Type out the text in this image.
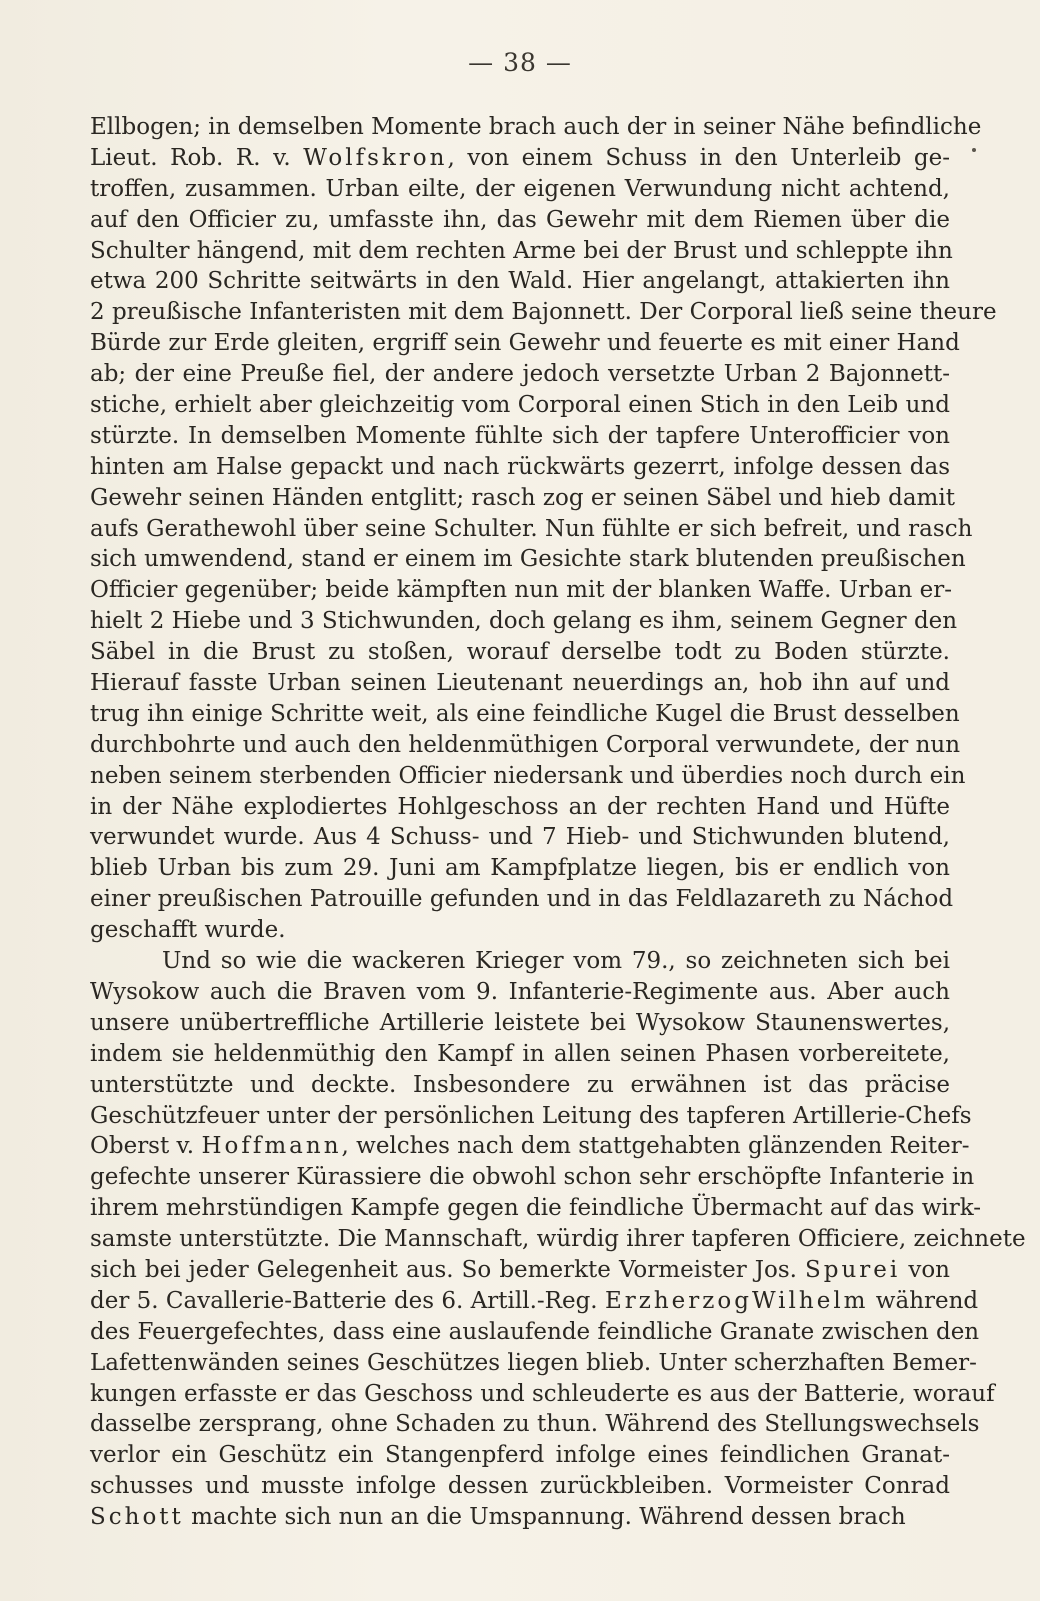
— 38 —
Ellbogen; in demselben Momente brach auch der in seiner Nähe befindliche
Lieut. Rob. R. v. Wolfskron, von einem Schuss in den Unterleib ge-
troffen, zusammen. Urban eilte, der eigenen Verwundung nicht achtend,
auf den Officier zu, umfasste ihn, das Gewehr mit dem Riemen über die
Schulter hängend, mit dem rechten Arme bei der Brust und schleppte ihn
etwa 200 Schritte seitwärts in den Wald. Hier angelangt, attakierten ihn
2 preußische Infanteristen mit dem Bajonnett. Der Corporal ließ seine theure
Bürde zur Erde gleiten, ergriff sein Gewehr und feuerte es mit einer Hand
ab; der eine Preuße fiel, der andere jedoch versetzte Urban 2 Bajonnett-
stiche, erhielt aber gleichzeitig vom Corporal einen Stich in den Leib und
stürzte. In demselben Momente fühlte sich der tapfere Unterofficier von
hinten am Halse gepackt und nach rückwärts gezerrt, infolge dessen das
Gewehr seinen Händen entglitt; rasch zog er seinen Säbel und hieb damit
aufs Gerathewohl über seine Schulter. Nun fühlte er sich befreit, und rasch
sich umwendend, stand er einem im Gesichte stark blutenden preußischen
Officier gegenüber; beide kämpften nun mit der blanken Waffe. Urban er-
hielt 2 Hiebe und 3 Stichwunden, doch gelang es ihm, seinem Gegner den
Säbel in die Brust zu stoßen, worauf derselbe todt zu Boden stürzte.
Hierauf fasste Urban seinen Lieutenant neuerdings an, hob ihn auf und
trug ihn einige Schritte weit, als eine feindliche Kugel die Brust desselben
durchbohrte und auch den heldenmüthigen Corporal verwundete, der nun
neben seinem sterbenden Officier niedersank und überdies noch durch ein
in der Nähe explodiertes Hohlgeschoss an der rechten Hand und Hüfte
verwundet wurde. Aus 4 Schuss- und 7 Hieb- und Stichwunden blutend,
blieb Urban bis zum 29. Juni am Kampfplatze liegen, bis er endlich von
einer preußischen Patrouille gefunden und in das Feldlazareth zu Náchod
geschafft wurde.
Und so wie die wackeren Krieger vom 79., so zeichneten sich bei
Wysokow auch die Braven vom 9. Infanterie-Regimente aus. Aber auch
unsere unübertreffliche Artillerie leistete bei Wysokow Staunenswertes,
indem sie heldenmüthig den Kampf in allen seinen Phasen vorbereitete,
unterstützte und deckte. Insbesondere zu erwähnen ist das präcise
Geschützfeuer unter der persönlichen Leitung des tapferen Artillerie-Chefs
Oberst v. Hoffmann, welches nach dem stattgehabten glänzenden Reiter-
gefechte unserer Kürassiere die obwohl schon sehr erschöpfte Infanterie in
ihrem mehrstündigen Kampfe gegen die feindliche Übermacht auf das wirk-
samste unterstützte. Die Mannschaft, würdig ihrer tapferen Officiere, zeichnete
sich bei jeder Gelegenheit aus. So bemerkte Vormeister Jos. Spurei von
der 5. Cavallerie-Batterie des 6. Artill.-Reg. ErzherzogWilhelm während
des Feuergefechtes, dass eine auslaufende feindliche Granate zwischen den
Lafettenwänden seines Geschützes liegen blieb. Unter scherzhaften Bemer-
kungen erfasste er das Geschoss und schleuderte es aus der Batterie, worauf
dasselbe zersprang, ohne Schaden zu thun. Während des Stellungswechsels
verlor ein Geschütz ein Stangenpferd infolge eines feindlichen Granat-
schusses und musste infolge dessen zurückbleiben. Vormeister Conrad
Schott machte sich nun an die Umspannung. Während dessen brach
